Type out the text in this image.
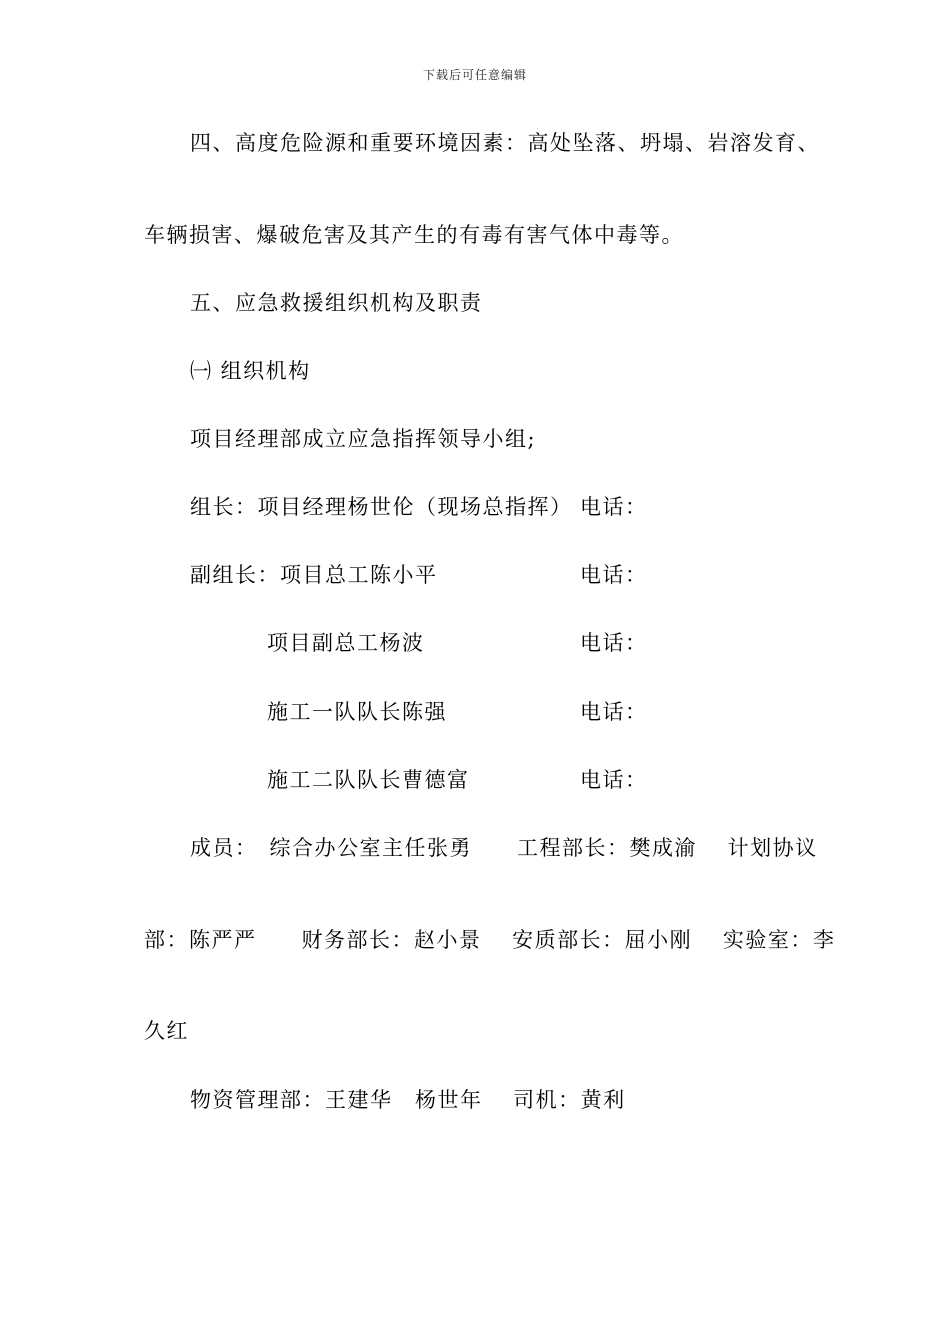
下载后可任意编辑
四、高度危险源和重要环境因素：高处坠落、坍塌、岩溶发育、
车辆损害、爆破危害及其产生的有毒有害气体中毒等。
五、应急救援组织机构及职责
㈠ 组织机构
项目经理部成立应急指挥领导小组;
组长：项目经理杨世伦（现场总指挥） 电话：
副组长：项目总工陈小平	电话：
项目副总工杨波	电话：
施工一队队长陈强	电话：
施工二队队长曹德富	电话：
成员：　综合办公室主任张勇　　工程部长：樊成渝　 计划协议
部：陈严严　　财务部长：赵小景　 安质部长：屈小刚　 实验室：李
久红
物资管理部：王建华　杨世年　 司机：黄利
